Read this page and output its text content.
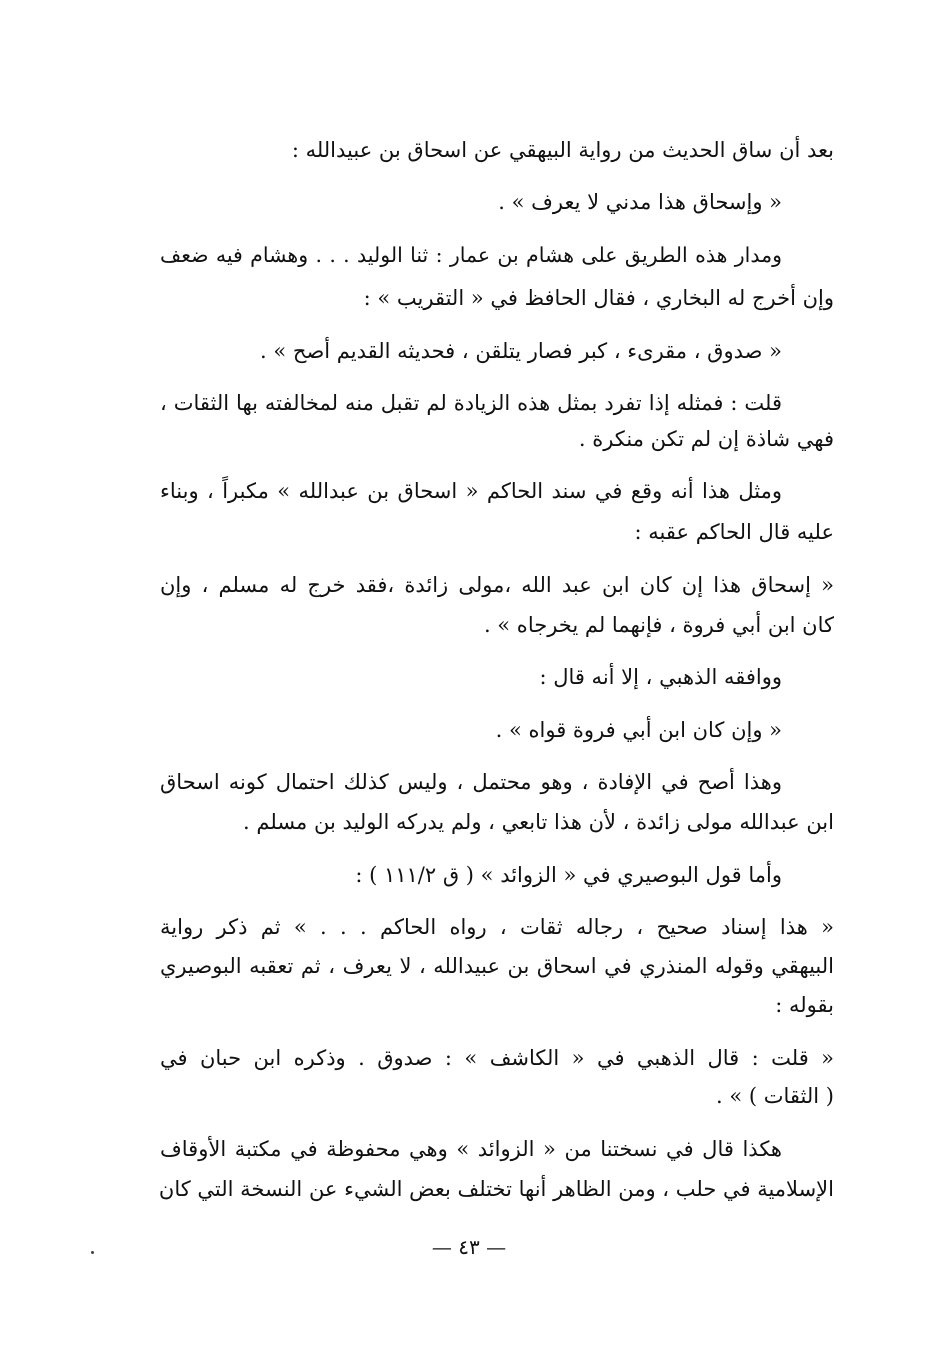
بعد أن ساق الحديث من رواية البيهقي عن اسحاق بن عبيدالله :
« وإسحاق هذا مدني لا يعرف » .
ومدار هذه الطريق على هشام بن عمار : ثنا الوليد . . . وهشام فيه ضعف
وإن أخرج له البخاري ، فقال الحافظ في « التقريب » :
« صدوق ، مقرىء ، كبر فصار يتلقن ، فحديثه القديم أصح » .
قلت : فمثله إذا تفرد بمثل هذه الزيادة لم تقبل منه لمخالفته بها الثقات ،
فهي شاذة إن لم تكن منكرة .
ومثل هذا أنه وقع في سند الحاكم « اسحاق بن عبدالله » مكبراً ، وبناء
عليه قال الحاكم عقبه :
« إسحاق هذا إن كان ابن عبد الله ،مولى زائدة ،فقد خرج له مسلم ، وإن
كان ابن أبي فروة ، فإنهما لم يخرجاه » .
ووافقه الذهبي ، إلا أنه قال :
« وإن كان ابن أبي فروة قواه » .
وهذا أصح في الإفادة ، وهو محتمل ، وليس كذلك احتمال كونه اسحاق
ابن عبدالله مولى زائدة ، لأن هذا تابعي ، ولم يدركه الوليد بن مسلم .
وأما قول البوصيري في « الزوائد » ( ق ١١١/٢ ) :
« هذا إسناد صحيح ، رجاله ثقات ، رواه الحاكم . . . » ثم ذكر رواية
البيهقي وقوله المنذري في اسحاق بن عبيدالله ، لا يعرف ، ثم تعقبه البوصيري
بقوله :
« قلت : قال الذهبي في « الكاشف » : صدوق . وذكره ابن حبان في
( الثقات ) » .
هكذا قال في نسختنا من « الزوائد » وهي محفوظة في مكتبة الأوقاف
الإسلامية في حلب ، ومن الظاهر أنها تختلف بعض الشيء عن النسخة التي كان
— ٤٣ —
